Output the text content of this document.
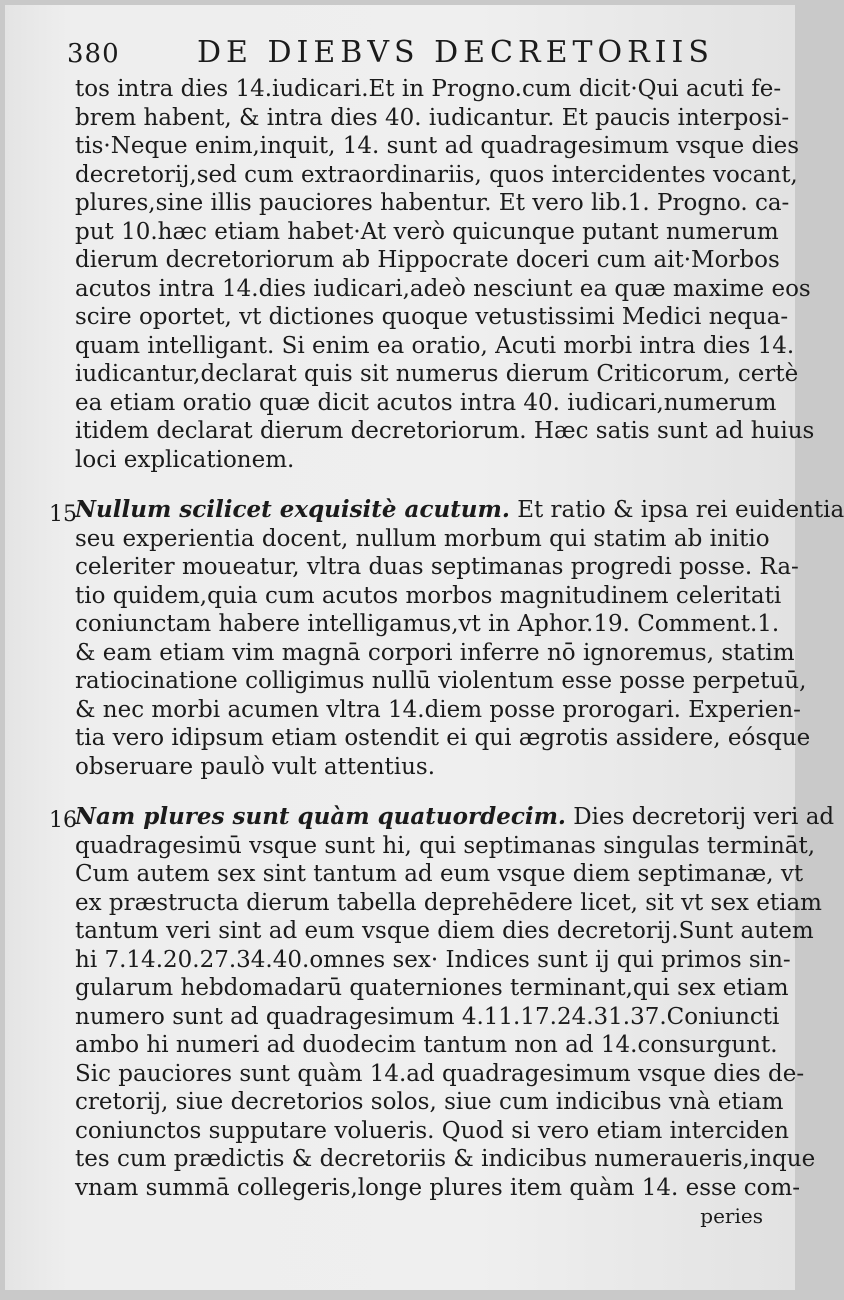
380	DE DIEBVS DECRETORIIS
15
16
tos intra dies 14.iudicari.Et in Progno.cum dicit·Qui acuti fe-
brem habent, & intra dies 40. iudicantur. Et paucis interposi-
tis·Neque enim,inquit, 14. sunt ad quadragesimum vsque dies
decretorij,sed cum extraordinariis, quos intercidentes vocant,
plures,sine illis pauciores habentur. Et vero lib.1. Progno. ca-
put 10.hæc etiam habet·At verò quicunque putant numerum
dierum decretoriorum ab Hippocrate doceri cum ait·Morbos
acutos intra 14.dies iudicari,adeò nesciunt ea quæ maxime eos
scire oportet, vt dictiones quoque vetustissimi Medici nequa-
quam intelligant. Si enim ea oratio, Acuti morbi intra dies 14.
iudicantur,declarat quis sit numerus dierum Criticorum, certè
ea etiam oratio quæ dicit acutos intra 40. iudicari,numerum
itidem declarat dierum decretoriorum. Hæc satis sunt ad huius
loci explicationem.
Nullum scilicet exquisitè acutum. Et ratio & ipsa rei euidentia
seu experientia docent, nullum morbum qui statim ab initio
celeriter moueatur, vltra duas septimanas progredi posse. Ra-
tio quidem,quia cum acutos morbos magnitudinem celeritati
coniunctam habere intelligamus,vt in Aphor.19. Comment.1.
& eam etiam vim magnā corpori inferre nō ignoremus, statim
ratiocinatione colligimus nullū violentum esse posse perpetuū,
& nec morbi acumen vltra 14.diem posse prorogari. Experien-
tia vero idipsum etiam ostendit ei qui ægrotis assidere, eósque
obseruare paulò vult attentius.
Nam plures sunt quàm quatuordecim. Dies decretorij veri ad
quadragesimū vsque sunt hi, qui septimanas singulas termināt,
Cum autem sex sint tantum ad eum vsque diem septimanæ, vt
ex præstructa dierum tabella deprehēdere licet, sit vt sex etiam
tantum veri sint ad eum vsque diem dies decretorij.Sunt autem
hi 7.14.20.27.34.40.omnes sex· Indices sunt ij qui primos sin-
gularum hebdomadarū quaterniones terminant,qui sex etiam
numero sunt ad quadragesimum 4.11.17.24.31.37.Coniuncti
ambo hi numeri ad duodecim tantum non ad 14.consurgunt.
Sic pauciores sunt quàm 14.ad quadragesimum vsque dies de-
cretorij, siue decretorios solos, siue cum indicibus vnà etiam
coniunctos supputare volueris. Quod si vero etiam interciden
tes cum prædictis & decretoriis & indicibus numeraueris,inque
vnam summā collegeris,longe plures item quàm 14. esse com-
peries
